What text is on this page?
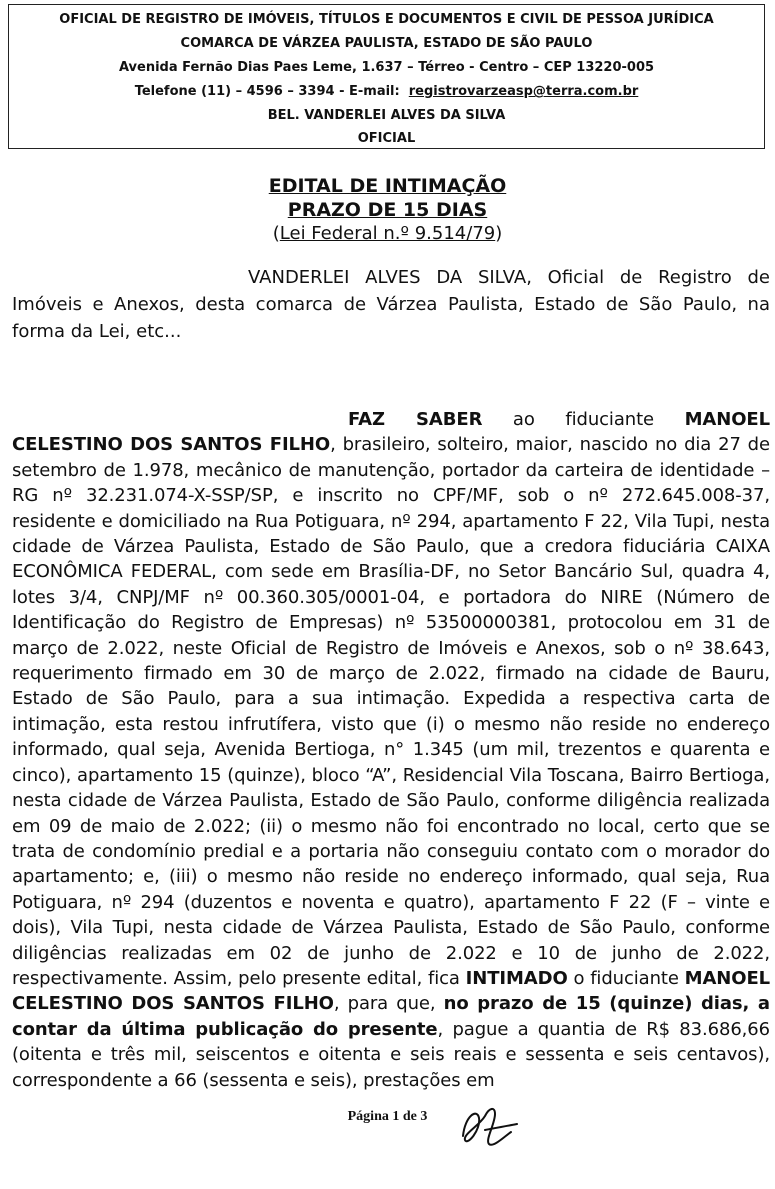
OFICIAL DE REGISTRO DE IMÓVEIS, TÍTULOS E DOCUMENTOS E CIVIL DE PESSOA JURÍDICA
COMARCA DE VÁRZEA PAULISTA, ESTADO DE SÃO PAULO
Avenida Fernão Dias Paes Leme, 1.637 – Térreo - Centro – CEP 13220-005
Telefone (11) – 4596 – 3394 - E-mail: registrovarzeasp@terra.com.br
BEL. VANDERLEI ALVES DA SILVA
OFICIAL
EDITAL DE INTIMAÇÃO
PRAZO DE 15 DIAS
(Lei Federal n.º 9.514/79)
VANDERLEI ALVES DA SILVA, Oficial de Registro de Imóveis e Anexos, desta comarca de Várzea Paulista, Estado de São Paulo, na forma da Lei, etc...
FAZ SABER ao fiduciante MANOEL CELESTINO DOS SANTOS FILHO, brasileiro, solteiro, maior, nascido no dia 27 de setembro de 1.978, mecânico de manutenção, portador da carteira de identidade – RG nº 32.231.074-X-SSP/SP, e inscrito no CPF/MF, sob o nº 272.645.008-37, residente e domiciliado na Rua Potiguara, nº 294, apartamento F 22, Vila Tupi, nesta cidade de Várzea Paulista, Estado de São Paulo, que a credora fiduciária CAIXA ECONÔMICA FEDERAL, com sede em Brasília-DF, no Setor Bancário Sul, quadra 4, lotes 3/4, CNPJ/MF nº 00.360.305/0001-04, e portadora do NIRE (Número de Identificação do Registro de Empresas) nº 53500000381, protocolou em 31 de março de 2.022, neste Oficial de Registro de Imóveis e Anexos, sob o nº 38.643, requerimento firmado em 30 de março de 2.022, firmado na cidade de Bauru, Estado de São Paulo, para a sua intimação. Expedida a respectiva carta de intimação, esta restou infrutífera, visto que (i) o mesmo não reside no endereço informado, qual seja, Avenida Bertioga, n° 1.345 (um mil, trezentos e quarenta e cinco), apartamento 15 (quinze), bloco “A”, Residencial Vila Toscana, Bairro Bertioga, nesta cidade de Várzea Paulista, Estado de São Paulo, conforme diligência realizada em 09 de maio de 2.022; (ii) o mesmo não foi encontrado no local, certo que se trata de condomínio predial e a portaria não conseguiu contato com o morador do apartamento; e, (iii) o mesmo não reside no endereço informado, qual seja, Rua Potiguara, nº 294 (duzentos e noventa e quatro), apartamento F 22 (F – vinte e dois), Vila Tupi, nesta cidade de Várzea Paulista, Estado de São Paulo, conforme diligências realizadas em 02 de junho de 2.022 e 10 de junho de 2.022, respectivamente. Assim, pelo presente edital, fica INTIMADO o fiduciante MANOEL CELESTINO DOS SANTOS FILHO, para que, no prazo de 15 (quinze) dias, a contar da última publicação do presente, pague a quantia de R$ 83.686,66 (oitenta e três mil, seiscentos e oitenta e seis reais e sessenta e seis centavos), correspondente a 66 (sessenta e seis), prestações em
Página 1 de 3
